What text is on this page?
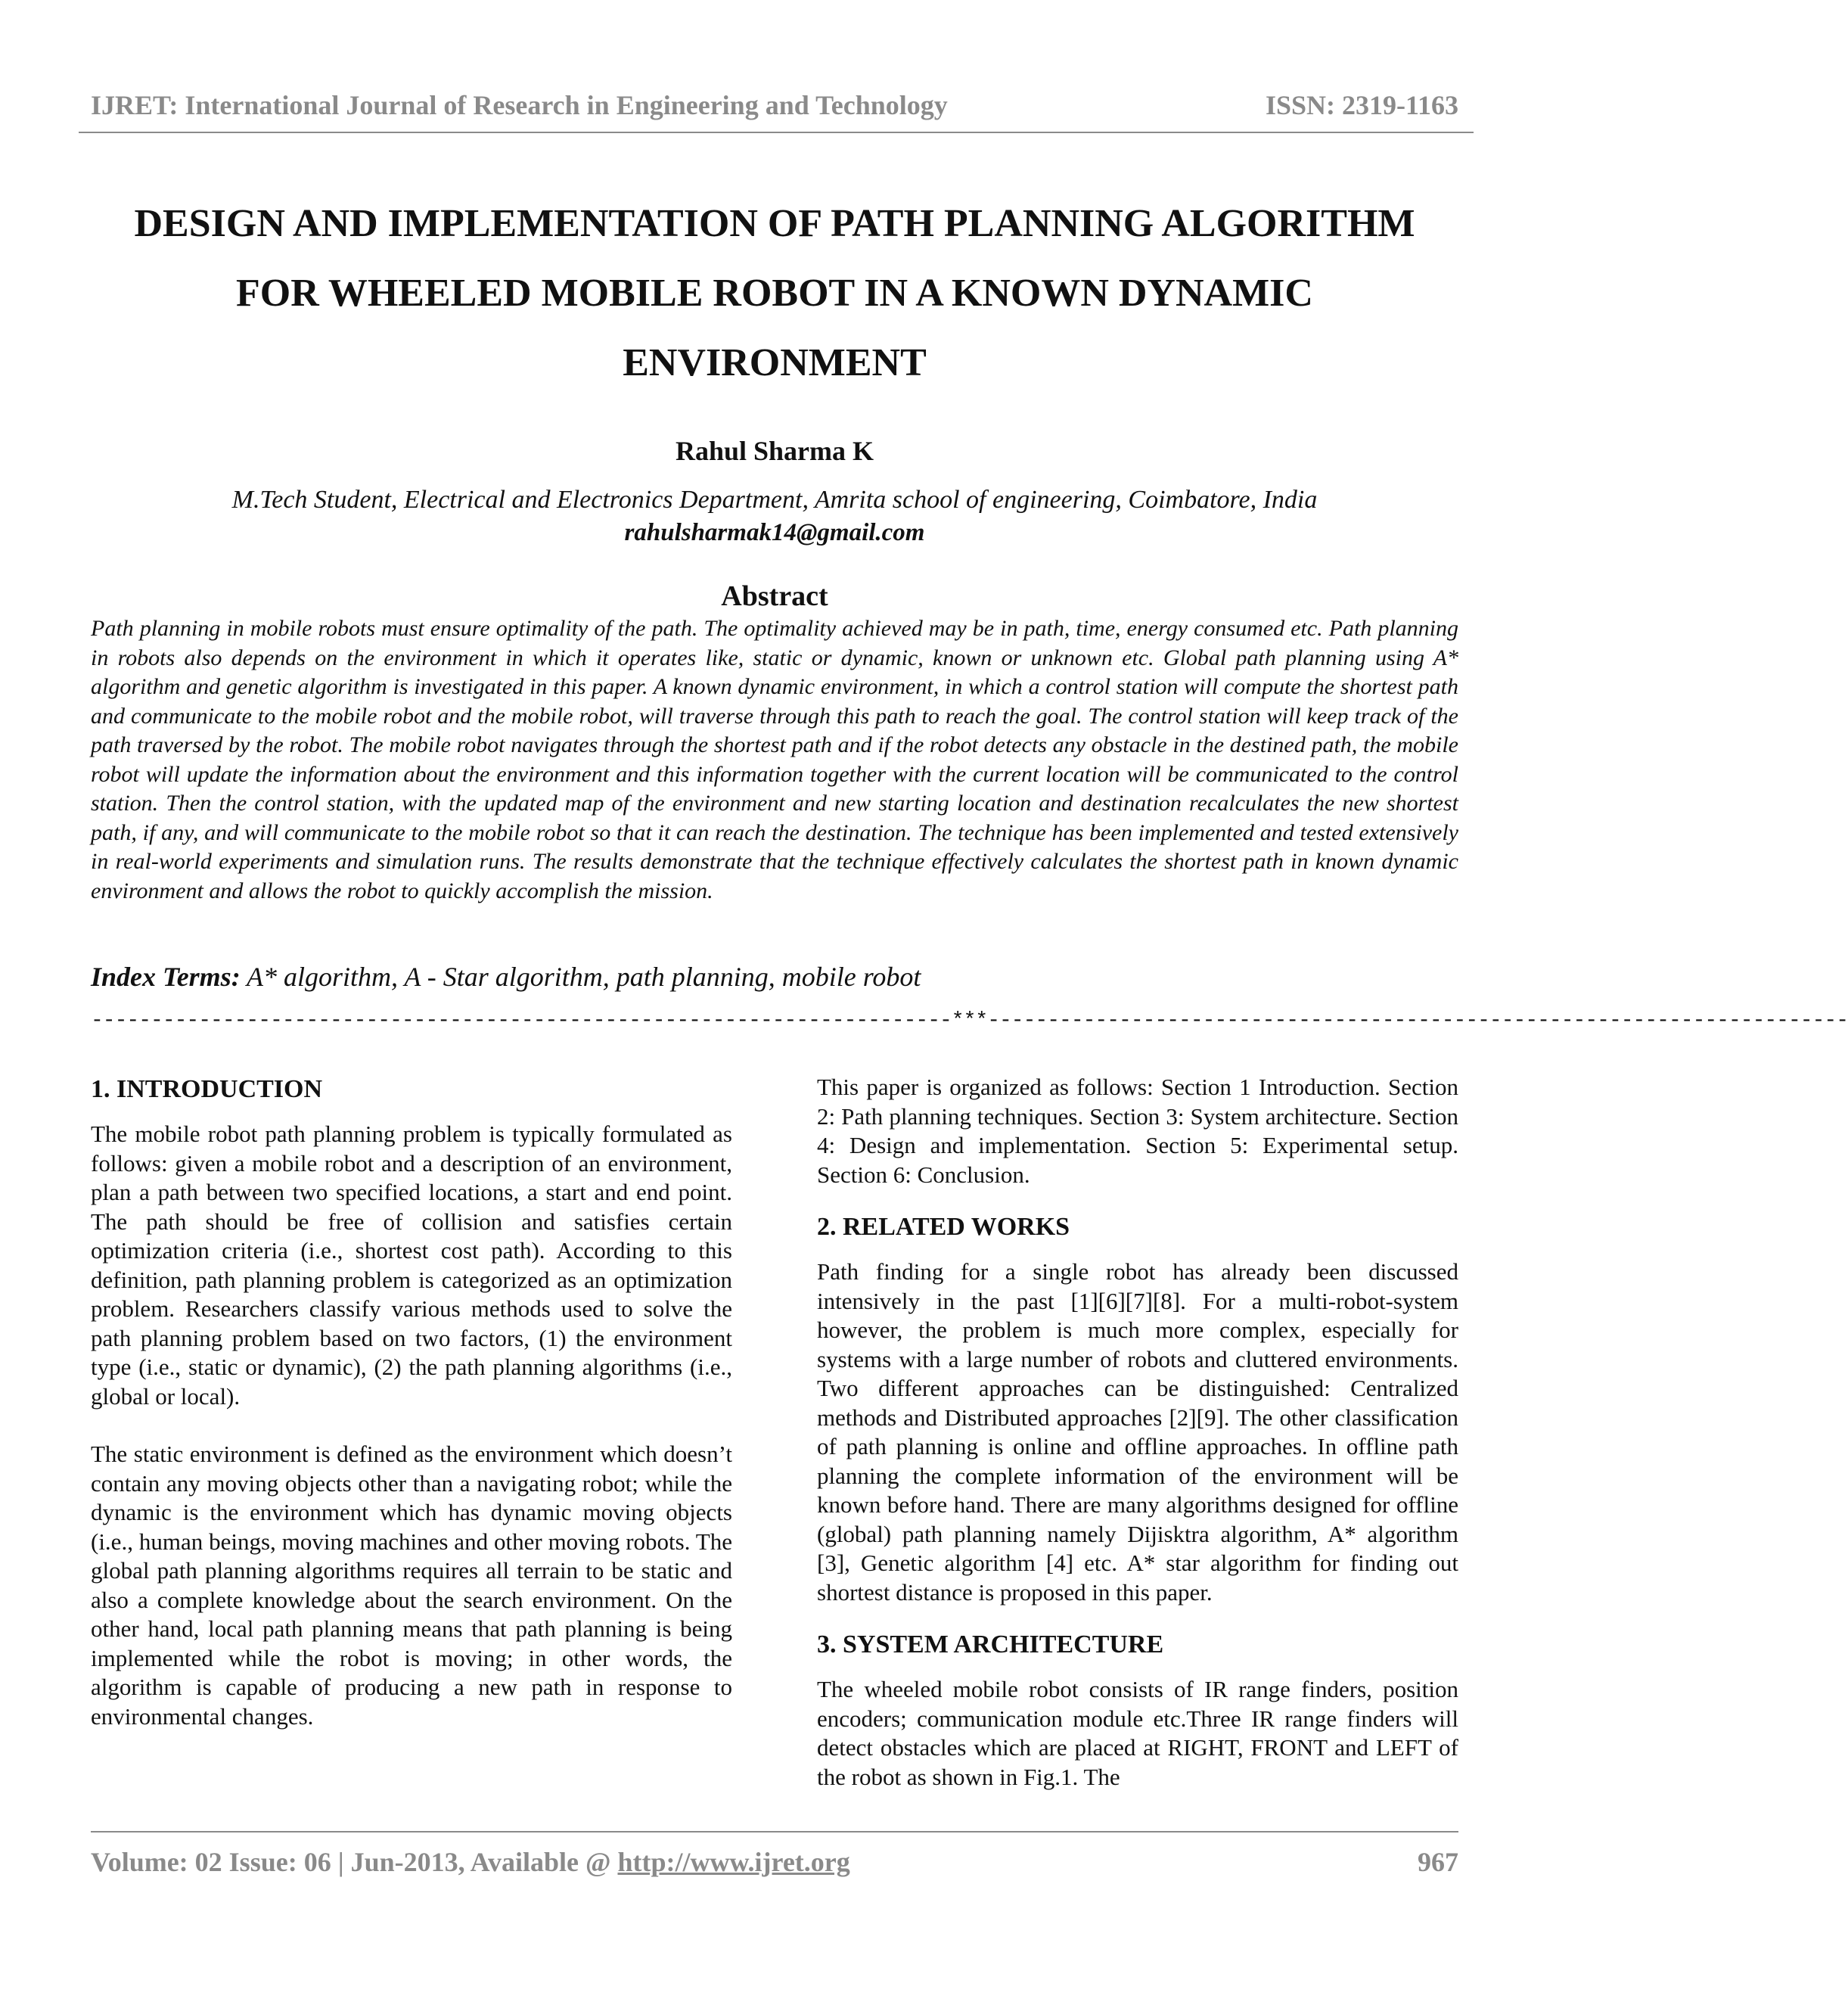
IJRET: International Journal of Research in Engineering and Technology	ISSN: 2319-1163
DESIGN AND IMPLEMENTATION OF PATH PLANNING ALGORITHM
FOR WHEELED MOBILE ROBOT IN A KNOWN DYNAMIC
ENVIRONMENT
Rahul Sharma K
M.Tech Student, Electrical and Electronics Department, Amrita school of engineering, Coimbatore, India
rahulsharmak14@gmail.com
Abstract

Path planning in mobile robots must ensure optimality of the path. The optimality achieved may be in path, time, energy consumed etc. Path planning in robots also depends on the environment in which it operates like, static or dynamic, known or unknown etc. Global path planning using A* algorithm and genetic algorithm is investigated in this paper. A known dynamic environment, in which a control station will compute the shortest path and communicate to the mobile robot and the mobile robot, will traverse through this path to reach the goal. The control station will keep track of the path traversed by the robot. The mobile robot navigates through the shortest path and if the robot detects any obstacle in the destined path, the mobile robot will update the information about the environment and this information together with the current location will be communicated to the control station. Then the control station, with the updated map of the environment and new starting location and destination recalculates the new shortest path, if any, and will communicate to the mobile robot so that it can reach the destination. The technique has been implemented and tested extensively in real-world experiments and simulation runs. The results demonstrate that the technique effectively calculates the shortest path in known dynamic environment and allows the robot to quickly accomplish the mission.

Index Terms: A* algorithm, A - Star algorithm, path planning, mobile robot
------------------------------------------------------------------------***------------------------------------------------------------------------
1. INTRODUCTION

The mobile robot path planning problem is typically formulated as follows: given a mobile robot and a description of an environment, plan a path between two specified locations, a start and end point. The path should be free of collision and satisfies certain optimization criteria (i.e., shortest cost path). According to this definition, path planning problem is categorized as an optimization problem. Researchers classify various methods used to solve the path planning problem based on two factors, (1) the environment type (i.e., static or dynamic), (2) the path planning algorithms (i.e., global or local).

The static environment is defined as the environment which doesn’t contain any moving objects other than a navigating robot; while the dynamic is the environment which has dynamic moving objects (i.e., human beings, moving machines and other moving robots. The global path planning algorithms requires all terrain to be static and also a complete knowledge about the search environment. On the other hand, local path planning means that path planning is being implemented while the robot is moving; in other words, the algorithm is capable of producing a new path in response to environmental changes.

This paper is organized as follows: Section 1 Introduction. Section 2: Path planning techniques. Section 3: System architecture. Section 4: Design and implementation. Section 5: Experimental setup. Section 6: Conclusion.

2. RELATED WORKS

Path finding for a single robot has already been discussed intensively in the past [1][6][7][8]. For a multi-robot-system however, the problem is much more complex, especially for systems with a large number of robots and cluttered environments. Two different approaches can be distinguished: Centralized methods and Distributed approaches [2][9]. The other classification of path planning is online and offline approaches. In offline path planning the complete information of the environment will be known before hand. There are many algorithms designed for offline (global) path planning namely Dijisktra algorithm, A* algorithm [3], Genetic algorithm [4] etc. A* star algorithm for finding out shortest distance is proposed in this paper.

3. SYSTEM ARCHITECTURE

The wheeled mobile robot consists of IR range finders, position encoders; communication module etc.Three IR range finders will detect obstacles which are placed at RIGHT, FRONT and LEFT of the robot as shown in Fig.1. The

Volume: 02 Issue: 06 | Jun-2013, Available @ http://www.ijret.org	967
